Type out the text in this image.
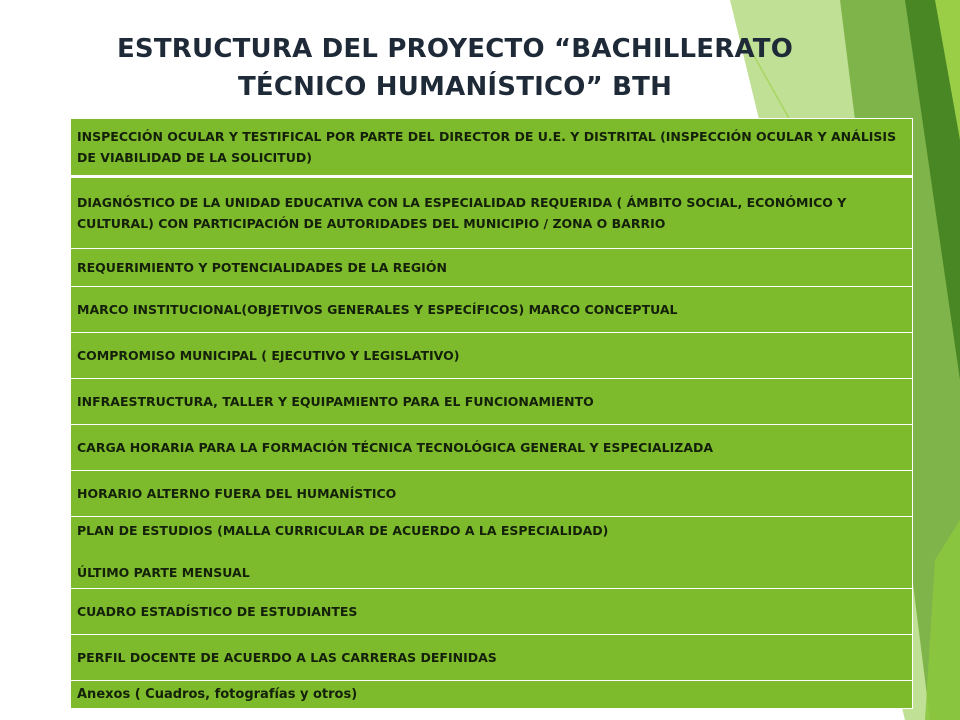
ESTRUCTURA DEL PROYECTO “BACHILLERATO
TÉCNICO HUMANÍSTICO” BTH
INSPECCIÓN OCULAR Y TESTIFICAL POR PARTE DEL DIRECTOR DE U.E. Y DISTRITAL (INSPECCIÓN OCULAR Y ANÁLISIS DE VIABILIDAD DE LA SOLICITUD)
DIAGNÓSTICO DE LA UNIDAD EDUCATIVA CON LA ESPECIALIDAD REQUERIDA ( ÁMBITO SOCIAL, ECONÓMICO Y CULTURAL) CON PARTICIPACIÓN DE AUTORIDADES DEL MUNICIPIO / ZONA O BARRIO
REQUERIMIENTO Y POTENCIALIDADES DE LA REGIÓN
MARCO INSTITUCIONAL(OBJETIVOS GENERALES Y ESPECÍFICOS) MARCO CONCEPTUAL
COMPROMISO MUNICIPAL ( EJECUTIVO Y LEGISLATIVO)
INFRAESTRUCTURA, TALLER Y EQUIPAMIENTO PARA EL FUNCIONAMIENTO
CARGA HORARIA PARA LA FORMACIÓN TÉCNICA TECNOLÓGICA GENERAL Y ESPECIALIZADA
HORARIO ALTERNO FUERA DEL HUMANÍSTICO

PLAN DE ESTUDIOS (MALLA CURRICULAR DE ACUERDO A LA ESPECIALIDAD)
ÚLTIMO PARTE MENSUAL

CUADRO ESTADÍSTICO DE ESTUDIANTES
PERFIL DOCENTE DE ACUERDO A LAS CARRERAS DEFINIDAS
Anexos ( Cuadros, fotografías y otros)
